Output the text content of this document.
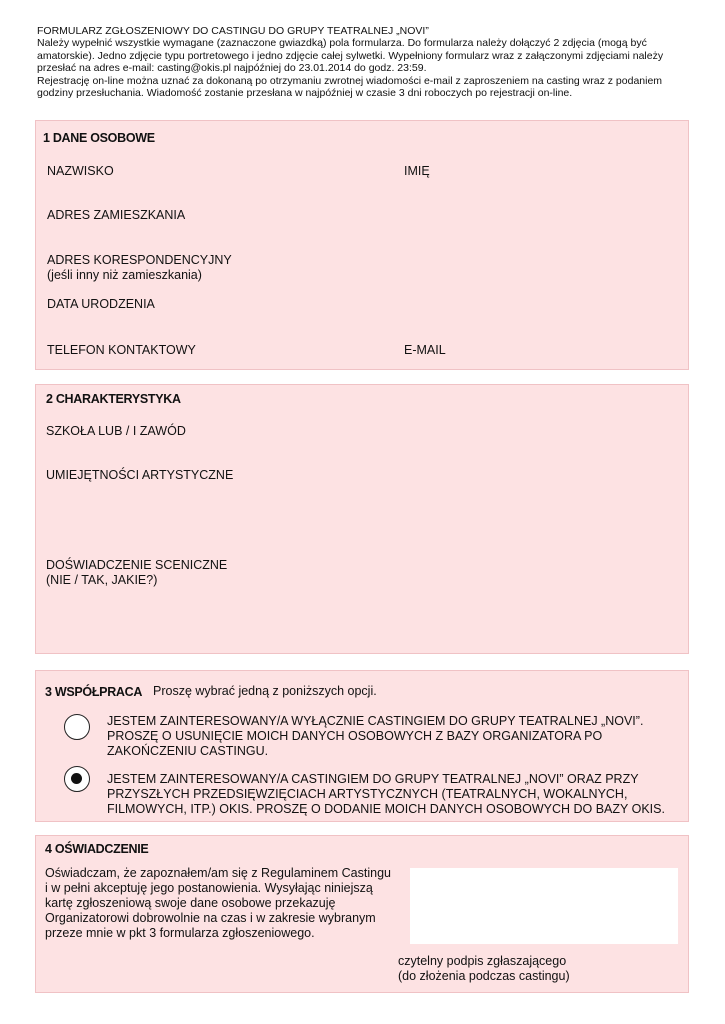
FORMULARZ ZGŁOSZENIOWY DO CASTINGU DO GRUPY TEATRALNEJ „NOVI”
Należy wypełnić wszystkie wymagane (zaznaczone gwiazdką) pola formularza. Do formularza należy dołączyć 2 zdjęcia (mogą być
amatorskie). Jedno zdjęcie typu portretowego i jedno zdjęcie całej sylwetki. Wypełniony formularz wraz z załączonymi zdjęciami należy
przesłać na adres e-mail: casting@okis.pl najpóźniej do 23.01.2014 do godz. 23:59.
Rejestrację on-line można uznać za dokonaną po otrzymaniu zwrotnej wiadomości e-mail z zaproszeniem na casting wraz z podaniem
godziny przesłuchania. Wiadomość zostanie przesłana w najpóźniej w czasie 3 dni roboczych po rejestracji on-line.
1 DANE OSOBOWE
NAZWISKO	IMIĘ
ADRES ZAMIESZKANIA
ADRES KORESPONDENCYJNY
(jeśli inny niż zamieszkania)
DATA URODZENIA
TELEFON KONTAKTOWY	E-MAIL
2 CHARAKTERYSTYKA
SZKOŁA LUB / I ZAWÓD
UMIEJĘTNOŚCI ARTYSTYCZNE
DOŚWIADCZENIE SCENICZNE
(NIE / TAK, JAKIE?)
3 WSPÓŁPRACA Proszę wybrać jedną z poniższych opcji.
JESTEM ZAINTERESOWANY/A WYŁĄCZNIE CASTINGIEM DO GRUPY TEATRALNEJ „NOVI”.
PROSZĘ O USUNIĘCIE MOICH DANYCH OSOBOWYCH Z BAZY ORGANIZATORA PO
ZAKOŃCZENIU CASTINGU.
JESTEM ZAINTERESOWANY/A CASTINGIEM DO GRUPY TEATRALNEJ „NOVI” ORAZ PRZY
PRZYSZŁYCH PRZEDSIĘWZIĘCIACH ARTYSTYCZNYCH (TEATRALNYCH, WOKALNYCH,
FILMOWYCH, ITP.) OKIS. PROSZĘ O DODANIE MOICH DANYCH OSOBOWYCH DO BAZY OKIS.
4 OŚWIADCZENIE
Oświadczam, że zapoznałem/am się z Regulaminem Castingu
i w pełni akceptuję jego postanowienia. Wysyłając niniejszą
kartę zgłoszeniową swoje dane osobowe przekazuję
Organizatorowi dobrowolnie na czas i w zakresie wybranym
przeze mnie w pkt 3 formularza zgłoszeniowego.
czytelny podpis zgłaszającego
(do złożenia podczas castingu)
